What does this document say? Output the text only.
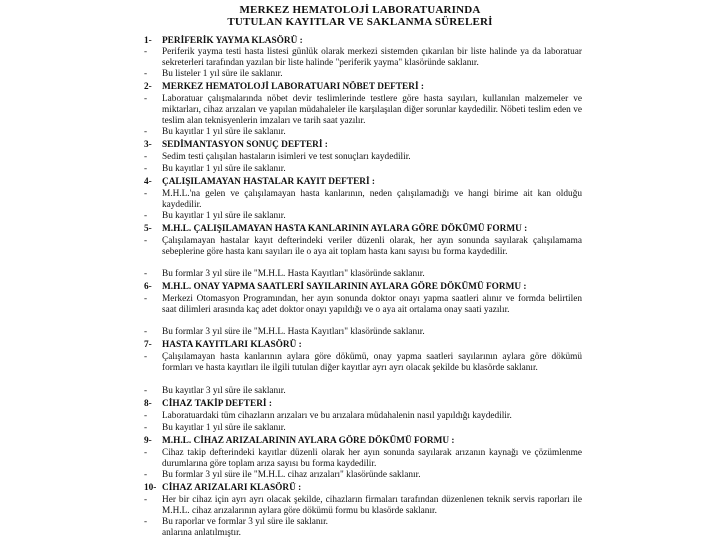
MERKEZ HEMATOLOJİ LABORATUARINDA
TUTULAN KAYITLAR VE SAKLANMA SÜRELERİ
1- PERİFERİK YAYMA KLASÖRÜ :
- Periferik yayma testi hasta listesi günlük olarak merkezi sistemden çıkarılan bir liste halinde ya da laboratuar sekreterleri tarafından yazılan bir liste halinde "periferik yayma" klasöründe saklanır.
- Bu listeler 1 yıl süre ile saklanır.
2- MERKEZ HEMATOLOJİ LABORATUARI NÖBET DEFTERİ :
- Laboratuar çalışmalarında nöbet devir teslimlerinde testlere göre hasta sayıları, kullanılan malzemeler ve miktarları, cihaz arızaları ve yapılan müdahaleler ile karşılaşılan diğer sorunlar kaydedilir. Nöbeti teslim eden ve teslim alan teknisyenlerin imzaları ve tarih saat yazılır.
- Bu kayıtlar 1 yıl süre ile saklanır.
3- SEDİMANTASYON SONUÇ DEFTERİ :
- Sedim testi çalışılan hastaların isimleri ve test sonuçları kaydedilir.
- Bu kayıtlar 1 yıl süre ile saklanır.
4- ÇALIŞILAMAYAN HASTALAR KAYIT DEFTERİ :
- M.H.L.'na gelen ve çalışılamayan hasta kanlarının, neden çalışılamadığı ve hangi birime ait kan olduğu kaydedilir.
- Bu kayıtlar 1 yıl süre ile saklanır.
5- M.H.L. ÇALIŞILAMAYAN HASTA KANLARININ AYLARA GÖRE DÖKÜMÜ FORMU :
- Çalışılamayan hastalar kayıt defterindeki veriler düzenli olarak, her ayın sonunda sayılarak çalışılamama sebeplerine göre hasta kanı sayıları ile o aya ait toplam hasta kanı sayısı bu forma kaydedilir.
- Bu formlar 3 yıl süre ile "M.H.L. Hasta Kayıtları" klasöründe saklanır.
6- M.H.L. ONAY YAPMA SAATLERİ SAYILARININ AYLARA GÖRE DÖKÜMÜ FORMU :
- Merkezi Otomasyon Programından, her ayın sonunda doktor onayı yapma saatleri alınır ve formda belirtilen saat dilimleri arasında kaç adet doktor onayı yapıldığı ve o aya ait ortalama onay saati yazılır.
- Bu formlar 3 yıl süre ile "M.H.L. Hasta Kayıtları" klasöründe saklanır.
7- HASTA KAYITLARI KLASÖRÜ :
- Çalışılamayan hasta kanlarının aylara göre dökümü, onay yapma saatleri sayılarının aylara göre dökümü formları ve hasta kayıtları ile ilgili tutulan diğer kayıtlar ayrı ayrı olacak şekilde bu klasörde saklanır.
- Bu kayıtlar 3 yıl süre ile saklanır.
8- CİHAZ TAKİP DEFTERİ :
- Laboratuardaki tüm cihazların arızaları ve bu arızalara müdahalenin nasıl yapıldığı kaydedilir.
- Bu kayıtlar 1 yıl süre ile saklanır.
9- M.H.L. CİHAZ ARIZALARININ AYLARA GÖRE DÖKÜMÜ FORMU :
- Cihaz takip defterindeki kayıtlar düzenli olarak her ayın sonunda sayılarak arızanın kaynağı ve çözümlenme durumlarına göre toplam arıza sayısı bu forma kaydedilir.
- Bu formlar 3 yıl süre ile "M.H.L. cihaz arızaları" klasöründe saklanır.
10- CİHAZ ARIZALARI KLASÖRÜ :
- Her bir cihaz için ayrı ayrı olacak şekilde, cihazların firmaları tarafından düzenlenen teknik servis raporları ile M.H.L. cihaz arızalarının aylara göre dökümü formu bu klasörde saklanır.
- Bu raporlar ve formlar 3 yıl süre ile saklanır.
anlarına anlatılmıştır.
